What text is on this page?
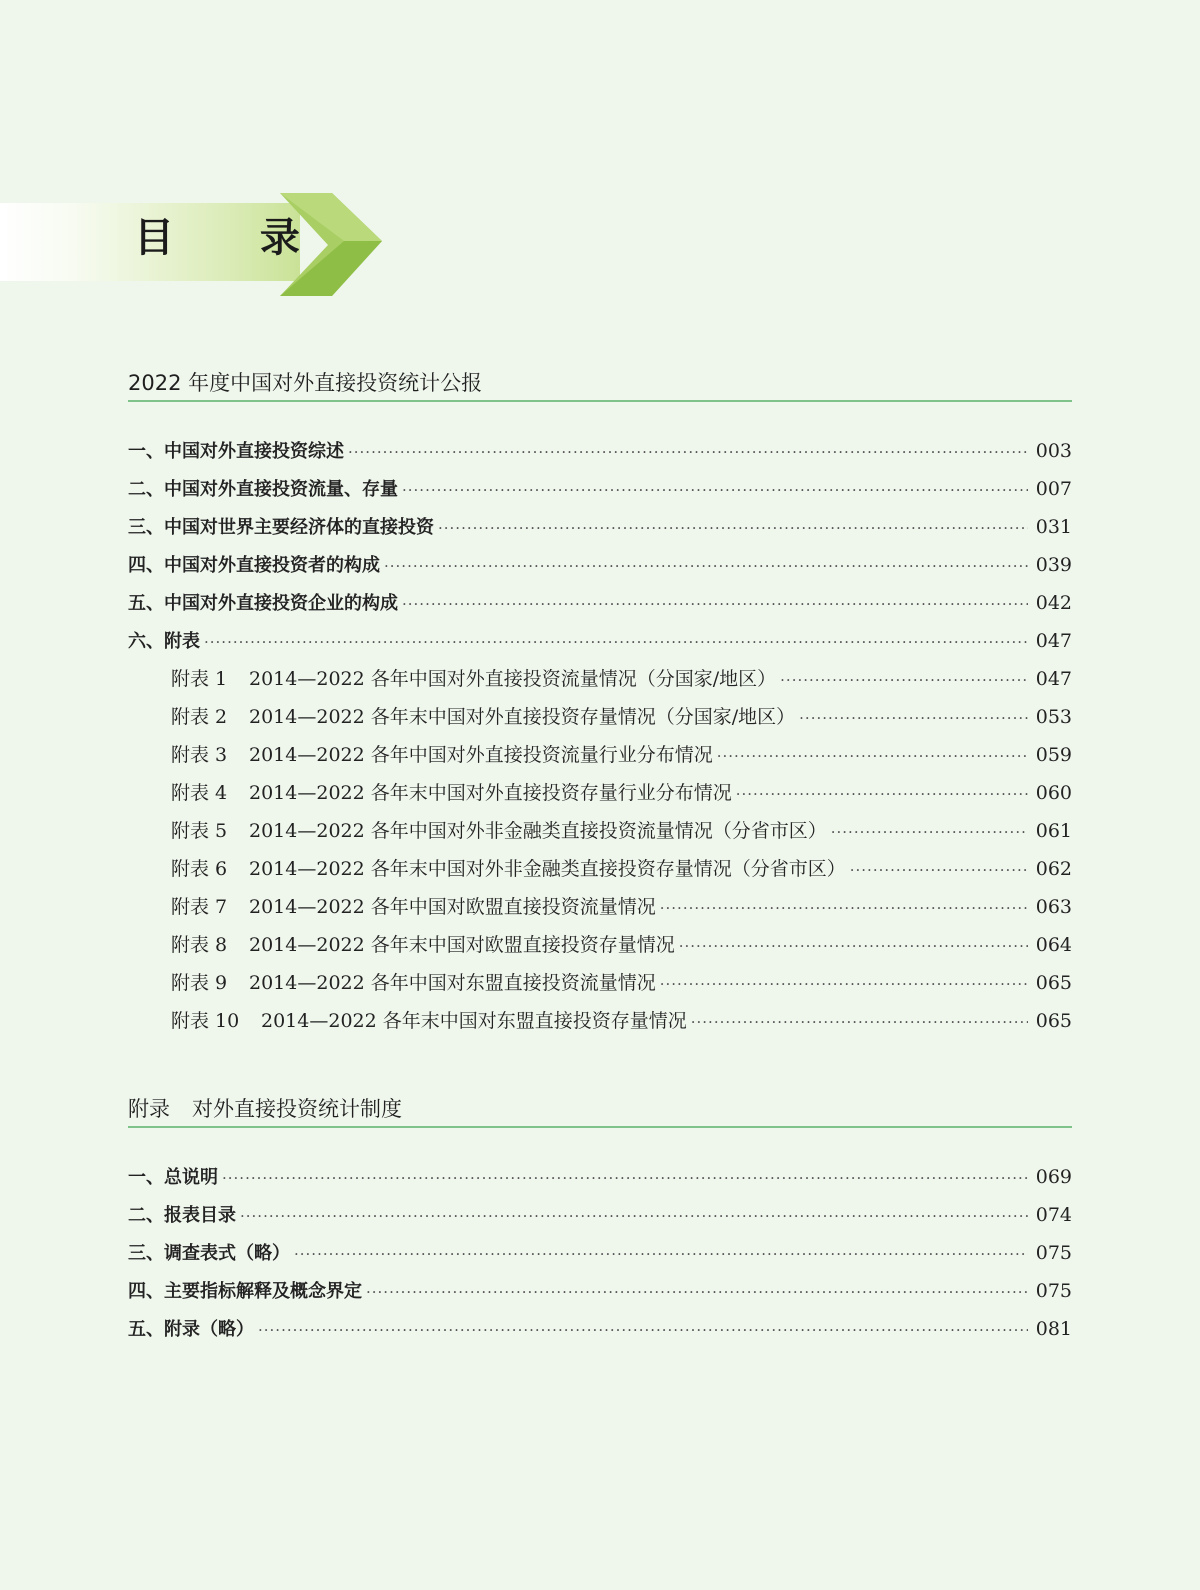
目 录
2022 年度中国对外直接投资统计公报
一、中国对外直接投资综述 ·····	003
二、中国对外直接投资流量、存量 ·····	007
三、中国对世界主要经济体的直接投资 ·····	031
四、中国对外直接投资者的构成 ·····	039
五、中国对外直接投资企业的构成 ·····	042
六、附表 ·····	047
附表 1 2014—2022 各年中国对外直接投资流量情况（分国家/地区） ·····	047
附表 2 2014—2022 各年末中国对外直接投资存量情况（分国家/地区） ·····	053
附表 3 2014—2022 各年中国对外直接投资流量行业分布情况 ·····	059
附表 4 2014—2022 各年末中国对外直接投资存量行业分布情况 ·····	060
附表 5 2014—2022 各年中国对外非金融类直接投资流量情况（分省市区） ·····	061
附表 6 2014—2022 各年末中国对外非金融类直接投资存量情况（分省市区） ·····	062
附表 7 2014—2022 各年中国对欧盟直接投资流量情况 ·····	063
附表 8 2014—2022 各年末中国对欧盟直接投资存量情况 ·····	064
附表 9 2014—2022 各年中国对东盟直接投资流量情况 ·····	065
附表 10 2014—2022 各年末中国对东盟直接投资存量情况 ·····	065
附录 对外直接投资统计制度
一、总说明 ·····	069
二、报表目录 ·····	074
三、调查表式（略） ·····	075
四、主要指标解释及概念界定 ·····	075
五、附录（略） ·····	081
